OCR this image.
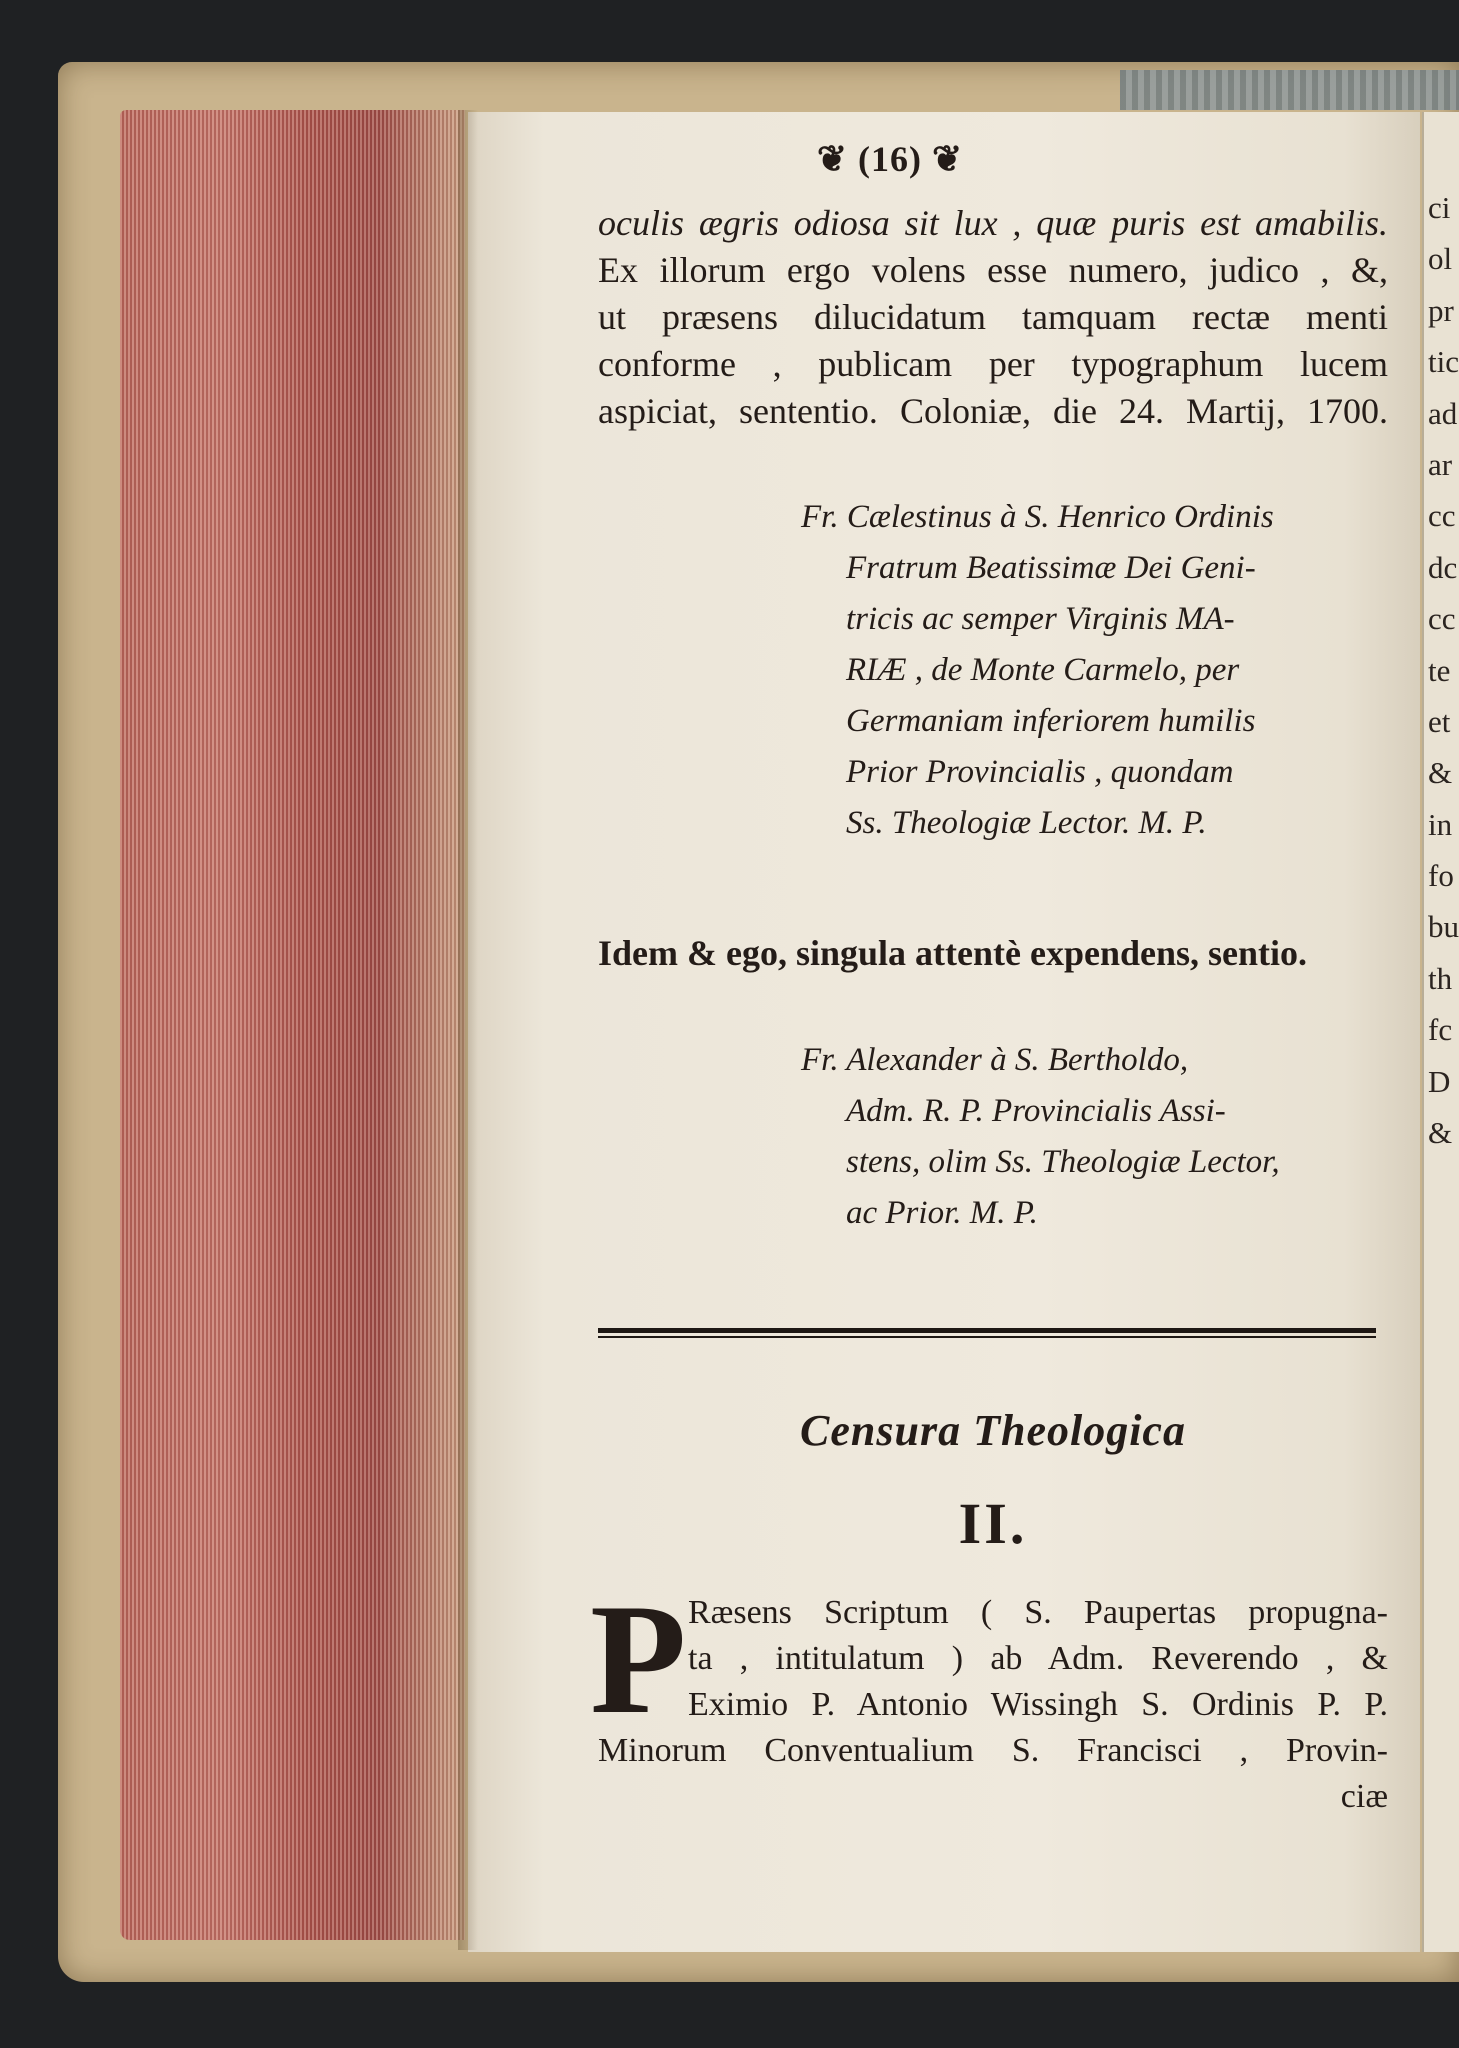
ci
ol
pr
tic
ad
ar
cc
dc
cc
te
et
&
in
fo
bu
th
fc
D
&
❦ (16) ❦
oculis ægris odiosa sit lux , quæ puris est amabilis.
Ex illorum ergo volens esse numero, judico , &,
ut præsens dilucidatum tamquam rectæ menti
conforme , publicam per typographum lucem
aspiciat, sententio. Coloniæ, die 24. Martij, 1700.
Fr. Cælestinus à S. Henrico Ordinis
Fratrum Beatissimæ Dei Geni-
tricis ac semper Virginis MA-
RIÆ , de Monte Carmelo, per
Germaniam inferiorem humilis
Prior Provincialis , quondam
Ss. Theologiæ Lector. M. P.
Idem & ego, singula attentè expendens, sentio.
Fr. Alexander à S. Bertholdo,
Adm. R. P. Provincialis Assi-
stens, olim Ss. Theologiæ Lector,
ac Prior. M. P.
Censura Theologica
II.
P Ræsens Scriptum ( S. Paupertas propugna-
ta , intitulatum ) ab Adm. Reverendo , &
Eximio P. Antonio Wissingh S. Ordinis P. P.
Minorum Conventualium S. Francisci , Provin-
ciæ
